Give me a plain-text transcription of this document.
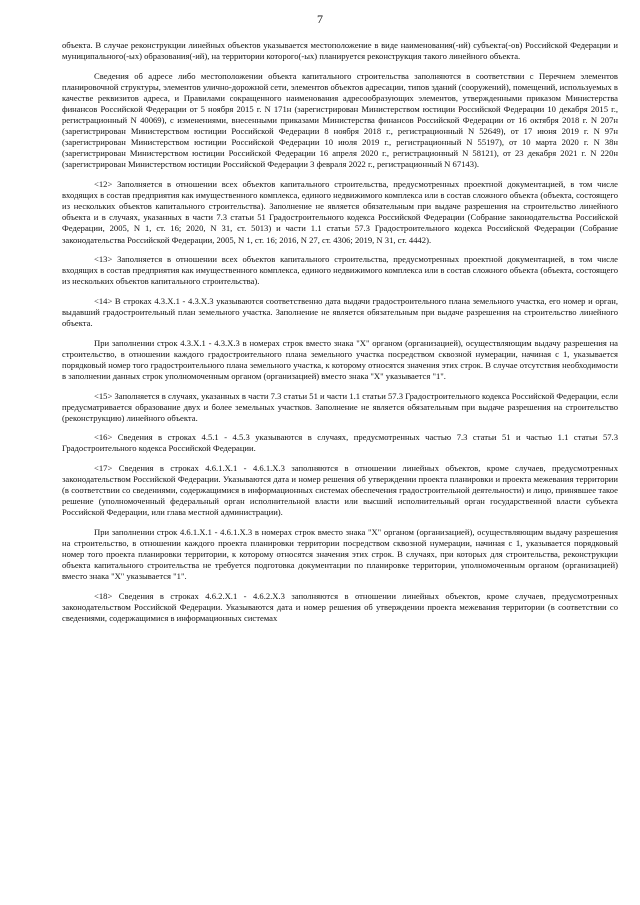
7

объекта. В случае реконструкции линейных объектов указывается местоположение в виде наименования(-ий) субъекта(-ов) Российской Федерации и муниципального(-ых) образования(-ий), на территории которого(-ых) планируется реконструкция такого линейного объекта.

Сведения об адресе либо местоположении объекта капитального строительства заполняются в соответствии с Перечнем элементов планировочной структуры, элементов улично-дорожной сети, элементов объектов адресации, типов зданий (сооружений), помещений, используемых в качестве реквизитов адреса, и Правилами сокращенного наименования адресообразующих элементов, утвержденными приказом Министерства финансов Российской Федерации от 5 ноября 2015 г. N 171н (зарегистрирован Министерством юстиции Российской Федерации 10 декабря 2015 г., регистрационный N 40069), с изменениями, внесенными приказами Министерства финансов Российской Федерации от 16 октября 2018 г. N 207н (зарегистрирован Министерством юстиции Российской Федерации 8 ноября 2018 г., регистрационный N 52649), от 17 июня 2019 г. N 97н (зарегистрирован Министерством юстиции Российской Федерации 10 июля 2019 г., регистрационный N 55197), от 10 марта 2020 г. N 38н (зарегистрирован Министерством юстиции Российской Федерации 16 апреля 2020 г., регистрационный N 58121), от 23 декабря 2021 г. N 220н (зарегистрирован Министерством юстиции Российской Федерации 3 февраля 2022 г., регистрационный N 67143).

<12> Заполняется в отношении всех объектов капитального строительства, предусмотренных проектной документацией, в том числе входящих в состав предприятия как имущественного комплекса, единого недвижимого комплекса или в состав сложного объекта (объекта, состоящего из нескольких объектов капитального строительства). Заполнение не является обязательным при выдаче разрешения на строительство линейного объекта и в случаях, указанных в части 7.3 статьи 51 Градостроительного кодекса Российской Федерации (Собрание законодательства Российской Федерации, 2005, N 1, ст. 16; 2020, N 31, ст. 5013) и части 1.1 статьи 57.3 Градостроительного кодекса Российской Федерации (Собрание законодательства Российской Федерации, 2005, N 1, ст. 16; 2016, N 27, ст. 4306; 2019, N 31, ст. 4442).

<13> Заполняется в отношении всех объектов капитального строительства, предусмотренных проектной документацией, в том числе входящих в состав предприятия как имущественного комплекса, единого недвижимого комплекса или в состав сложного объекта (объекта, состоящего из нескольких объектов капитального строительства).

<14> В строках 4.3.X.1 - 4.3.X.3 указываются соответственно дата выдачи градостроительного плана земельного участка, его номер и орган, выдавший градостроительный план земельного участка. Заполнение не является обязательным при выдаче разрешения на строительство линейного объекта.

При заполнении строк 4.3.X.1 - 4.3.X.3 в номерах строк вместо знака "X" органом (организацией), осуществляющим выдачу разрешения на строительство, в отношении каждого градостроительного плана земельного участка посредством сквозной нумерации, начиная с 1, указывается порядковый номер того градостроительного плана земельного участка, к которому относятся значения этих строк. В случае отсутствия необходимости в заполнении данных строк уполномоченным органом (организацией) вместо знака "X" указывается "1".

<15> Заполняется в случаях, указанных в части 7.3 статьи 51 и части 1.1 статьи 57.3 Градостроительного кодекса Российской Федерации, если предусматривается образование двух и более земельных участков. Заполнение не является обязательным при выдаче разрешения на строительство (реконструкцию) линейного объекта.

<16> Сведения в строках 4.5.1 - 4.5.3 указываются в случаях, предусмотренных частью 7.3 статьи 51 и частью 1.1 статьи 57.3 Градостроительного кодекса Российской Федерации.

<17> Сведения в строках 4.6.1.X.1 - 4.6.1.X.3 заполняются в отношении линейных объектов, кроме случаев, предусмотренных законодательством Российской Федерации. Указываются дата и номер решения об утверждении проекта планировки и проекта межевания территории (в соответствии со сведениями, содержащимися в информационных системах обеспечения градостроительной деятельности) и лицо, принявшее такое решение (уполномоченный федеральный орган исполнительной власти или высший исполнительный орган государственной власти субъекта Российской Федерации, или глава местной администрации).

При заполнении строк 4.6.1.X.1 - 4.6.1.X.3 в номерах строк вместо знака "X" органом (организацией), осуществляющим выдачу разрешения на строительство, в отношении каждого проекта планировки территории посредством сквозной нумерации, начиная с 1, указывается порядковый номер того проекта планировки территории, к которому относятся значения этих строк. В случаях, при которых для строительства, реконструкции объекта капитального строительства не требуется подготовка документации по планировке территории, уполномоченным органом (организацией) вместо знака "X" указывается "1".

<18> Сведения в строках 4.6.2.X.1 - 4.6.2.X.3 заполняются в отношении линейных объектов, кроме случаев, предусмотренных законодательством Российской Федерации. Указываются дата и номер решения об утверждении проекта межевания территории (в соответствии со сведениями, содержащимися в информационных системах
